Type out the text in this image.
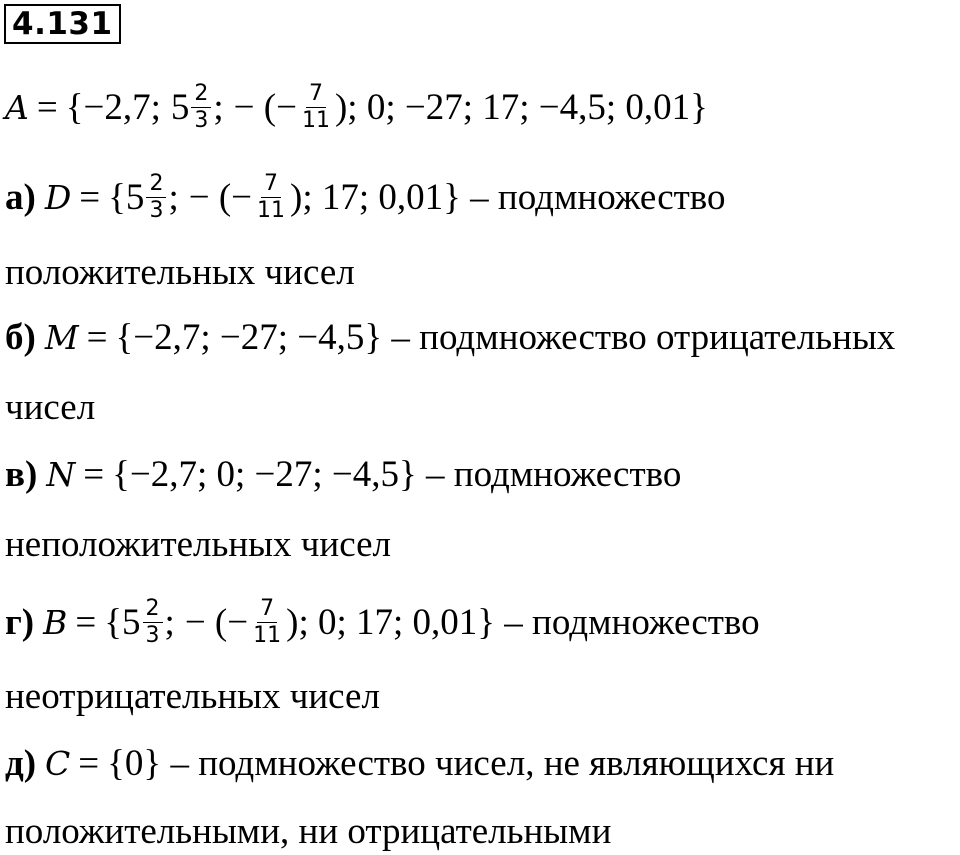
4.131
A = {−2,7; $5 \frac{2}{3}$ ; − (− $\frac{7}{11}$ ); 0; −27; 17; −4,5; 0,01}
а) $D = \{5 \frac{2}{3}$ ; − (− $\frac{7}{11}$ ); 17; 0,01} – подмножество
положительных чисел
б) M = {−2,7; −27; −4,5} – подмножество отрицательных
чисел
в) N = {−2,7; 0; −27; −4,5} – подмножество
неположительных чисел
г) $B = \{5 \frac{2}{3}$ ; − (− $\frac{7}{11}$ ); 0; 17; 0,01} – подмножество
неотрицательных чисел
д) C = {0} – подмножество чисел, не являющихся ни
положительными, ни отрицательными
